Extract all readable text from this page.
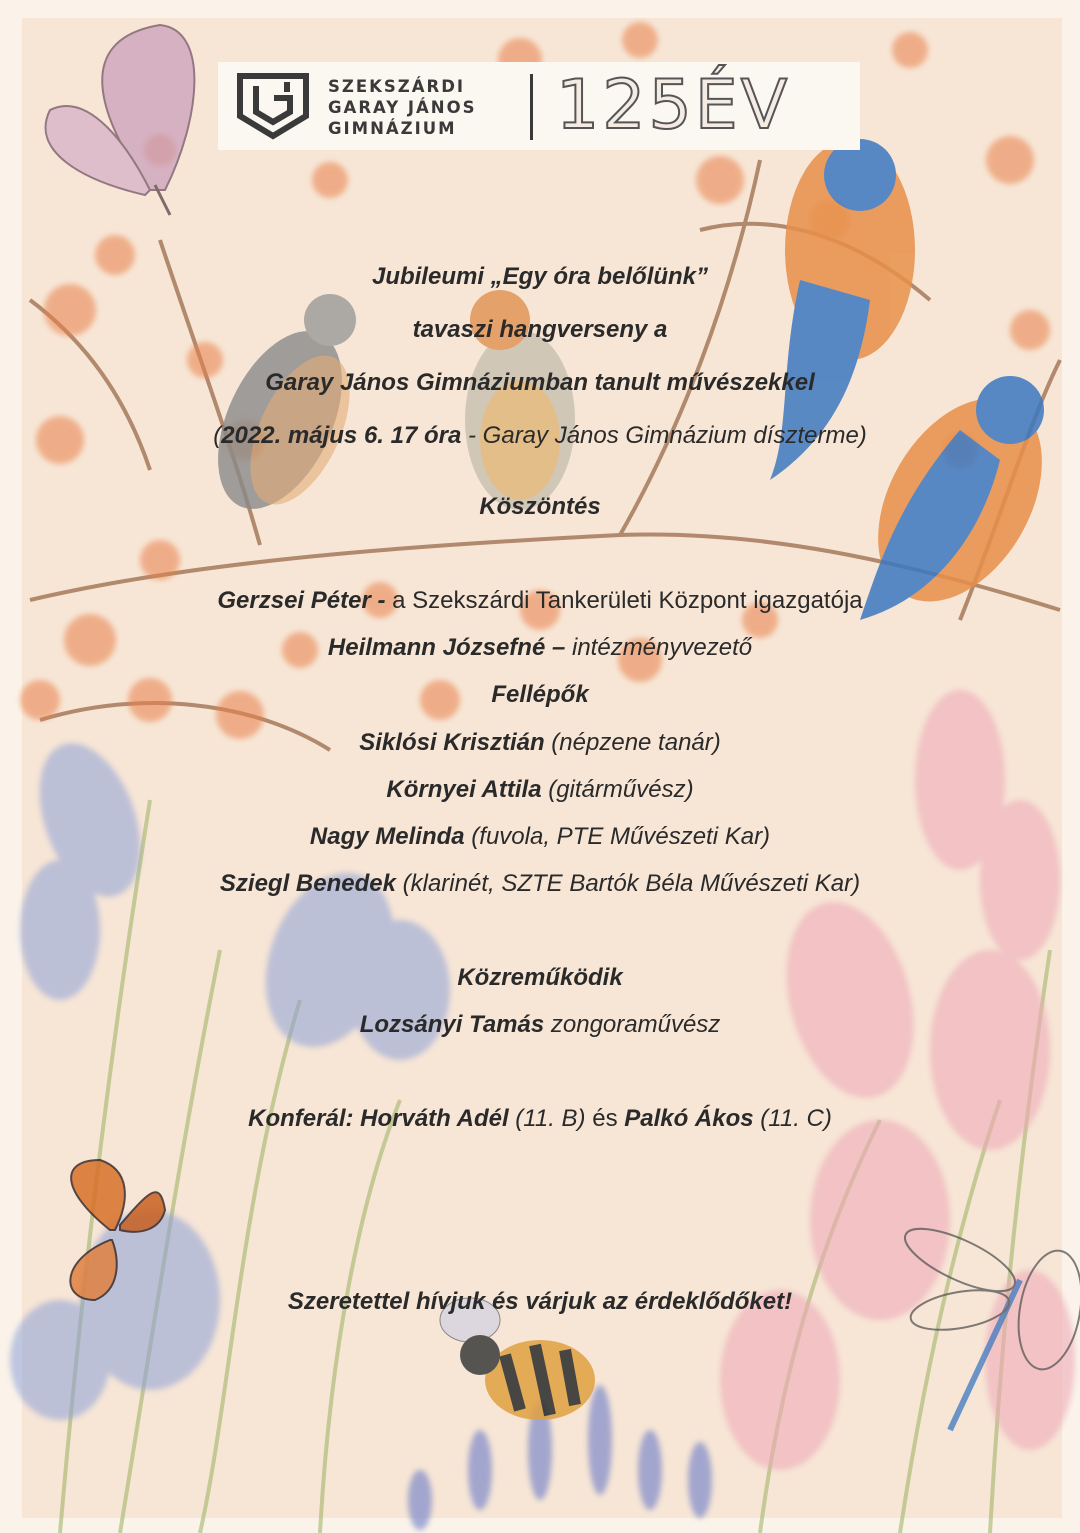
SZEKSZÁRDI
GARAY JÁNOS
GIMNÁZIUM 125ÉV
Jubileumi „Egy óra belőlünk”
tavaszi hangverseny a
Garay János Gimnáziumban tanult művészekkel
(2022. május 6. 17 óra - Garay János Gimnázium díszterme)
Köszöntés
Gerzsei Péter - a Szekszárdi Tankerületi Központ igazgatója
Heilmann Józsefné – intézményvezető
Fellépők
Siklósi Krisztián (népzene tanár)
Környei Attila (gitárművész)
Nagy Melinda (fuvola, PTE Művészeti Kar)
Sziegl Benedek (klarinét, SZTE Bartók Béla Művészeti Kar)
Közreműködik
Lozsányi Tamás zongoraművész
Konferál: Horváth Adél (11. B) és Palkó Ákos (11. C)
Szeretettel hívjuk és várjuk az érdeklődőket!
